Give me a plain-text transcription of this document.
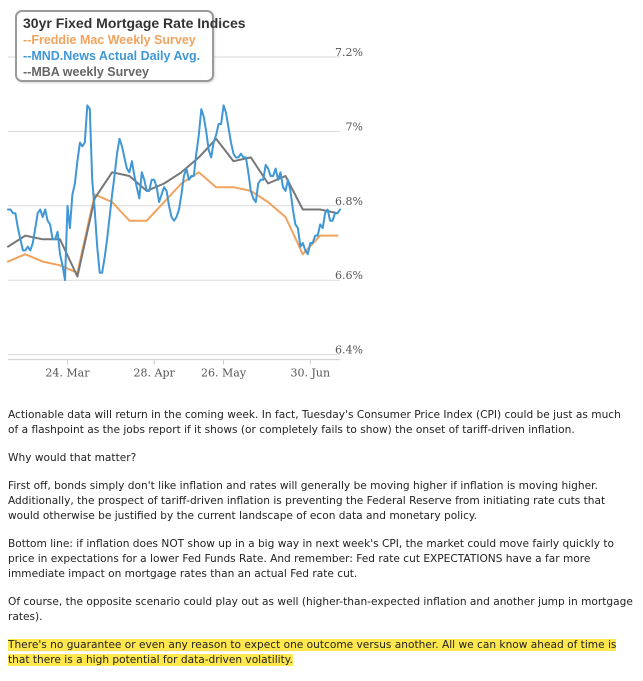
24. Mar	28. Apr 26. May	30. Jun
7.2%
7%
6.8%
6.6%
6.4%
30yr Fixed Mortgage Rate Indices
--Freddie Mac Weekly Survey
--MND.News Actual Daily Avg.
--MBA weekly Survey

Actionable data will return in the coming week. In fact, Tuesday's Consumer Price Index (CPI) could be just as much of a flashpoint as the jobs report if it shows (or completely fails to show) the onset of tariff-driven inflation.

Why would that matter?

First off, bonds simply don't like inflation and rates will generally be moving higher if inflation is moving higher. Additionally, the prospect of tariff-driven inflation is preventing the Federal Reserve from initiating rate cuts that would otherwise be justified by the current landscape of econ data and monetary policy.

Bottom line: if inflation does NOT show up in a big way in next week's CPI, the market could move fairly quickly to price in expectations for a lower Fed Funds Rate. And remember: Fed rate cut EXPECTATIONS have a far more immediate impact on mortgage rates than an actual Fed rate cut.

Of course, the opposite scenario could play out as well (higher-than-expected inflation and another jump in mortgage rates).

There's no guarantee or even any reason to expect one outcome versus another. All we can know ahead of time is that there is a high potential for data-driven volatility.
